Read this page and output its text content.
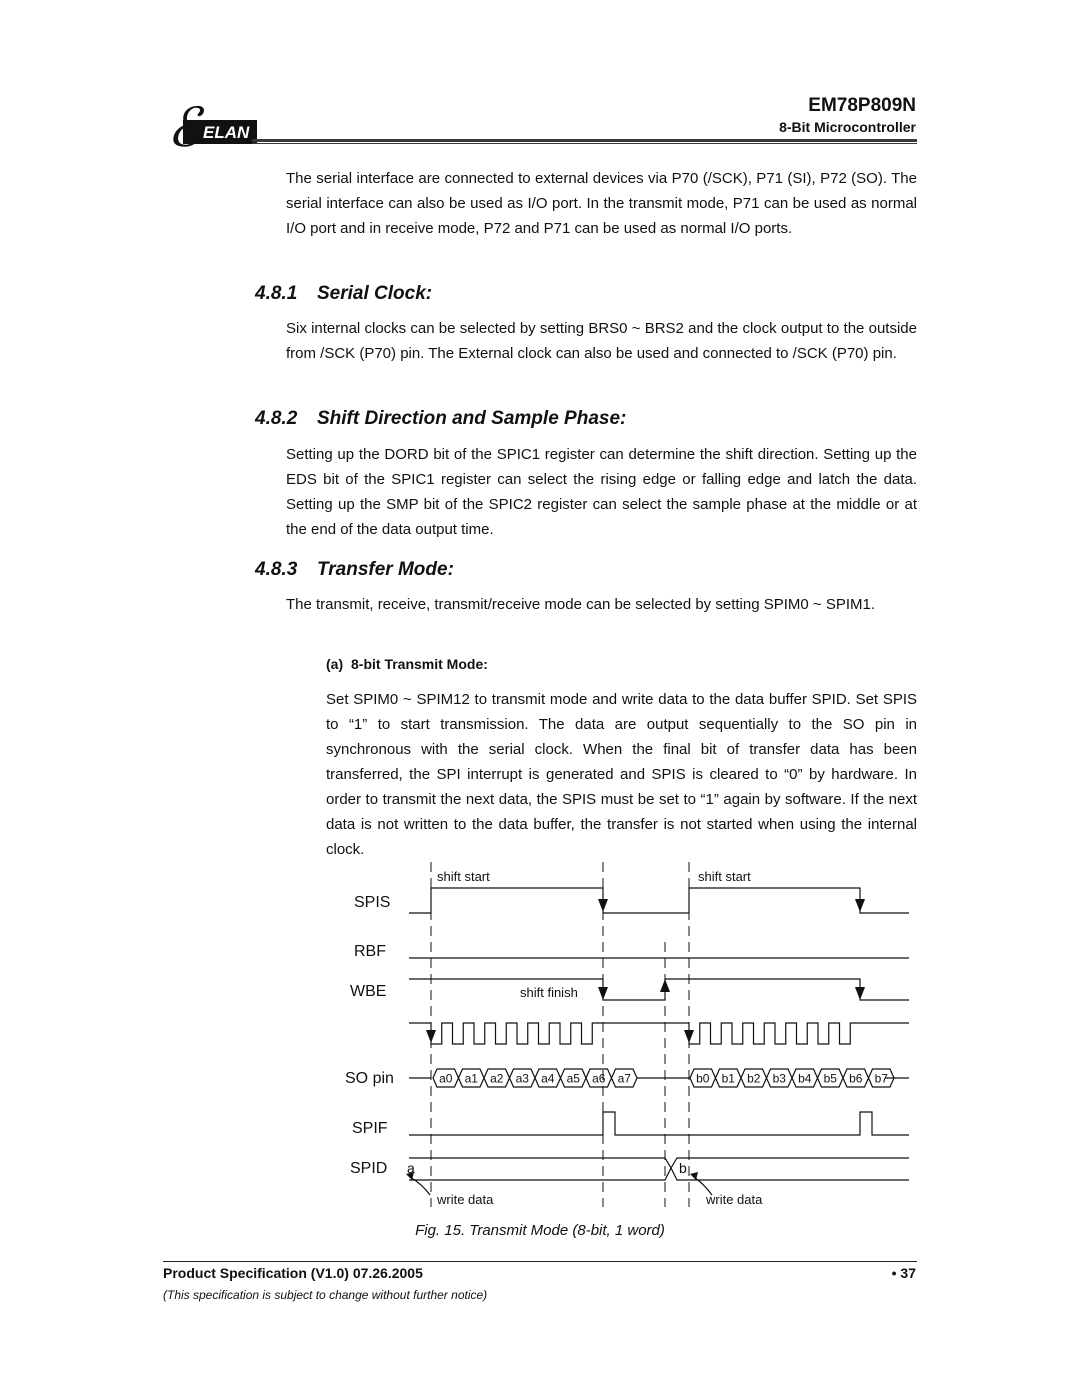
ℰ ELAN
EM78P809N
8-Bit Microcontroller
The serial interface are connected to external devices via P70 (/SCK), P71 (SI), P72 (SO). The serial interface can also be used as I/O port. In the transmit mode, P71 can be used as normal I/O port and in receive mode, P72 and P71 can be used as normal I/O ports.
4.8.1 Serial Clock:
Six internal clocks can be selected by setting BRS0 ~ BRS2 and the clock output to the outside from /SCK (P70) pin. The External clock can also be used and connected to /SCK (P70) pin.
4.8.2 Shift Direction and Sample Phase:
Setting up the DORD bit of the SPIC1 register can determine the shift direction. Setting up the EDS bit of the SPIC1 register can select the rising edge or falling edge and latch the data. Setting up the SMP bit of the SPIC2 register can select the sample phase at the middle or at the end of the data output time.
4.8.3 Transfer Mode:
The transmit, receive, transmit/receive mode can be selected by setting SPIM0 ~ SPIM1.
(a) 8-bit Transmit Mode:
Set SPIM0 ~ SPIM12 to transmit mode and write data to the data buffer SPID. Set SPIS to “1” to start transmission. The data are output sequentially to the SO pin in synchronous with the serial clock. When the final bit of transfer data has been transferred, the SPI interrupt is generated and SPIS is cleared to “0” by hardware. In order to transmit the next data, the SPIS must be set to “1” again by software. If the next data is not written to the data buffer, the transfer is not started when using the internal clock.
SPIS
RBF
WBE
SO pin
SPIF
SPID
shift start	shift start
shift finish
a	b
write data	write data
a0 a1 a2 a3 a4 a5 a6 a7	b0 b1 b2 b3 b4 b5 b6 b7
Fig. 15. Transmit Mode (8-bit, 1 word)
Product Specification (V1.0) 07.26.2005	• 37
(This specification is subject to change without further notice)
